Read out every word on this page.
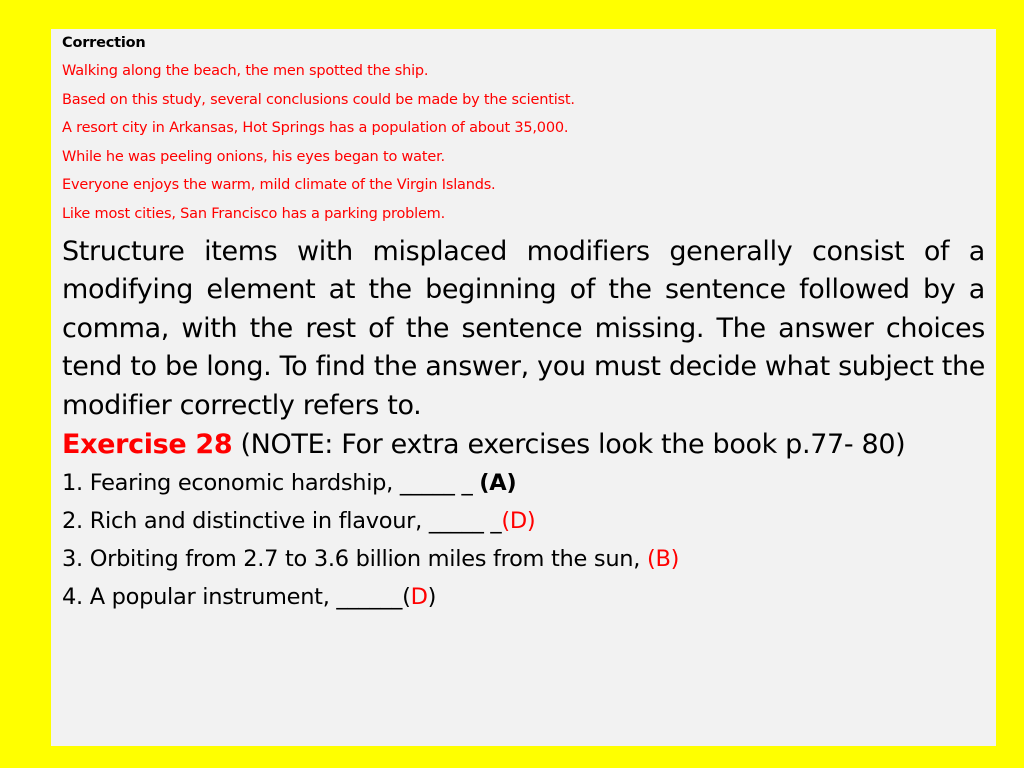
Correction
Walking along the beach, the men spotted the ship.
Based on this study, several conclusions could be made by the scientist.
A resort city in Arkansas, Hot Springs has a population of about 35,000.
While he was peeling onions, his eyes began to water.
Everyone enjoys the warm, mild climate of the Virgin Islands.
Like most cities, San Francisco has a parking problem.
Structure items with misplaced modifiers generally consist of a modifying element at the beginning of the sentence followed by a comma, with the rest of the sentence missing. The answer choices tend to be long. To find the answer, you must decide what subject the modifier correctly refers to.
Exercise 28 (NOTE: For extra exercises look the book p.77- 80)
1. Fearing economic hardship, _____ _ (A)
2. Rich and distinctive in flavour, _____ _(D)
3. Orbiting from 2.7 to 3.6 billion miles from the sun, (B)
4. A popular instrument, ______(D)
